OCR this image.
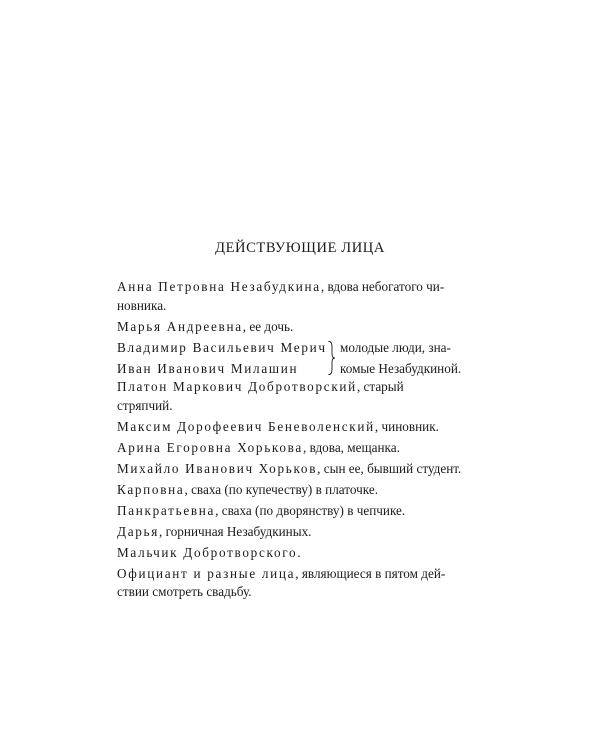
ДЕЙСТВУЮЩИЕ ЛИЦА
Анна Петровна Незабудкина, вдова небогатого чи-
новника.
Марья Андреевна, ее дочь.
Владимир Васильевич Мерич
Иван Иванович Милашин
молодые люди, зна-
комые Незабудкиной.
Платон Маркович Добротворский, старый стряпчий.
Максим Дорофеевич Беневоленский, чиновник.
Арина Егоровна Хорькова, вдова, мещанка.
Михайло Иванович Хорьков, сын ее, бывший студент.
Карповна, сваха (по купечеству) в платочке.
Панкратьевна, сваха (по дворянству) в чепчике.
Дарья, горничная Незабудкиных.
Мальчик Добротворского.
Официант и разные лица, являющиеся в пятом дей-
ствии смотреть свадьбу.
